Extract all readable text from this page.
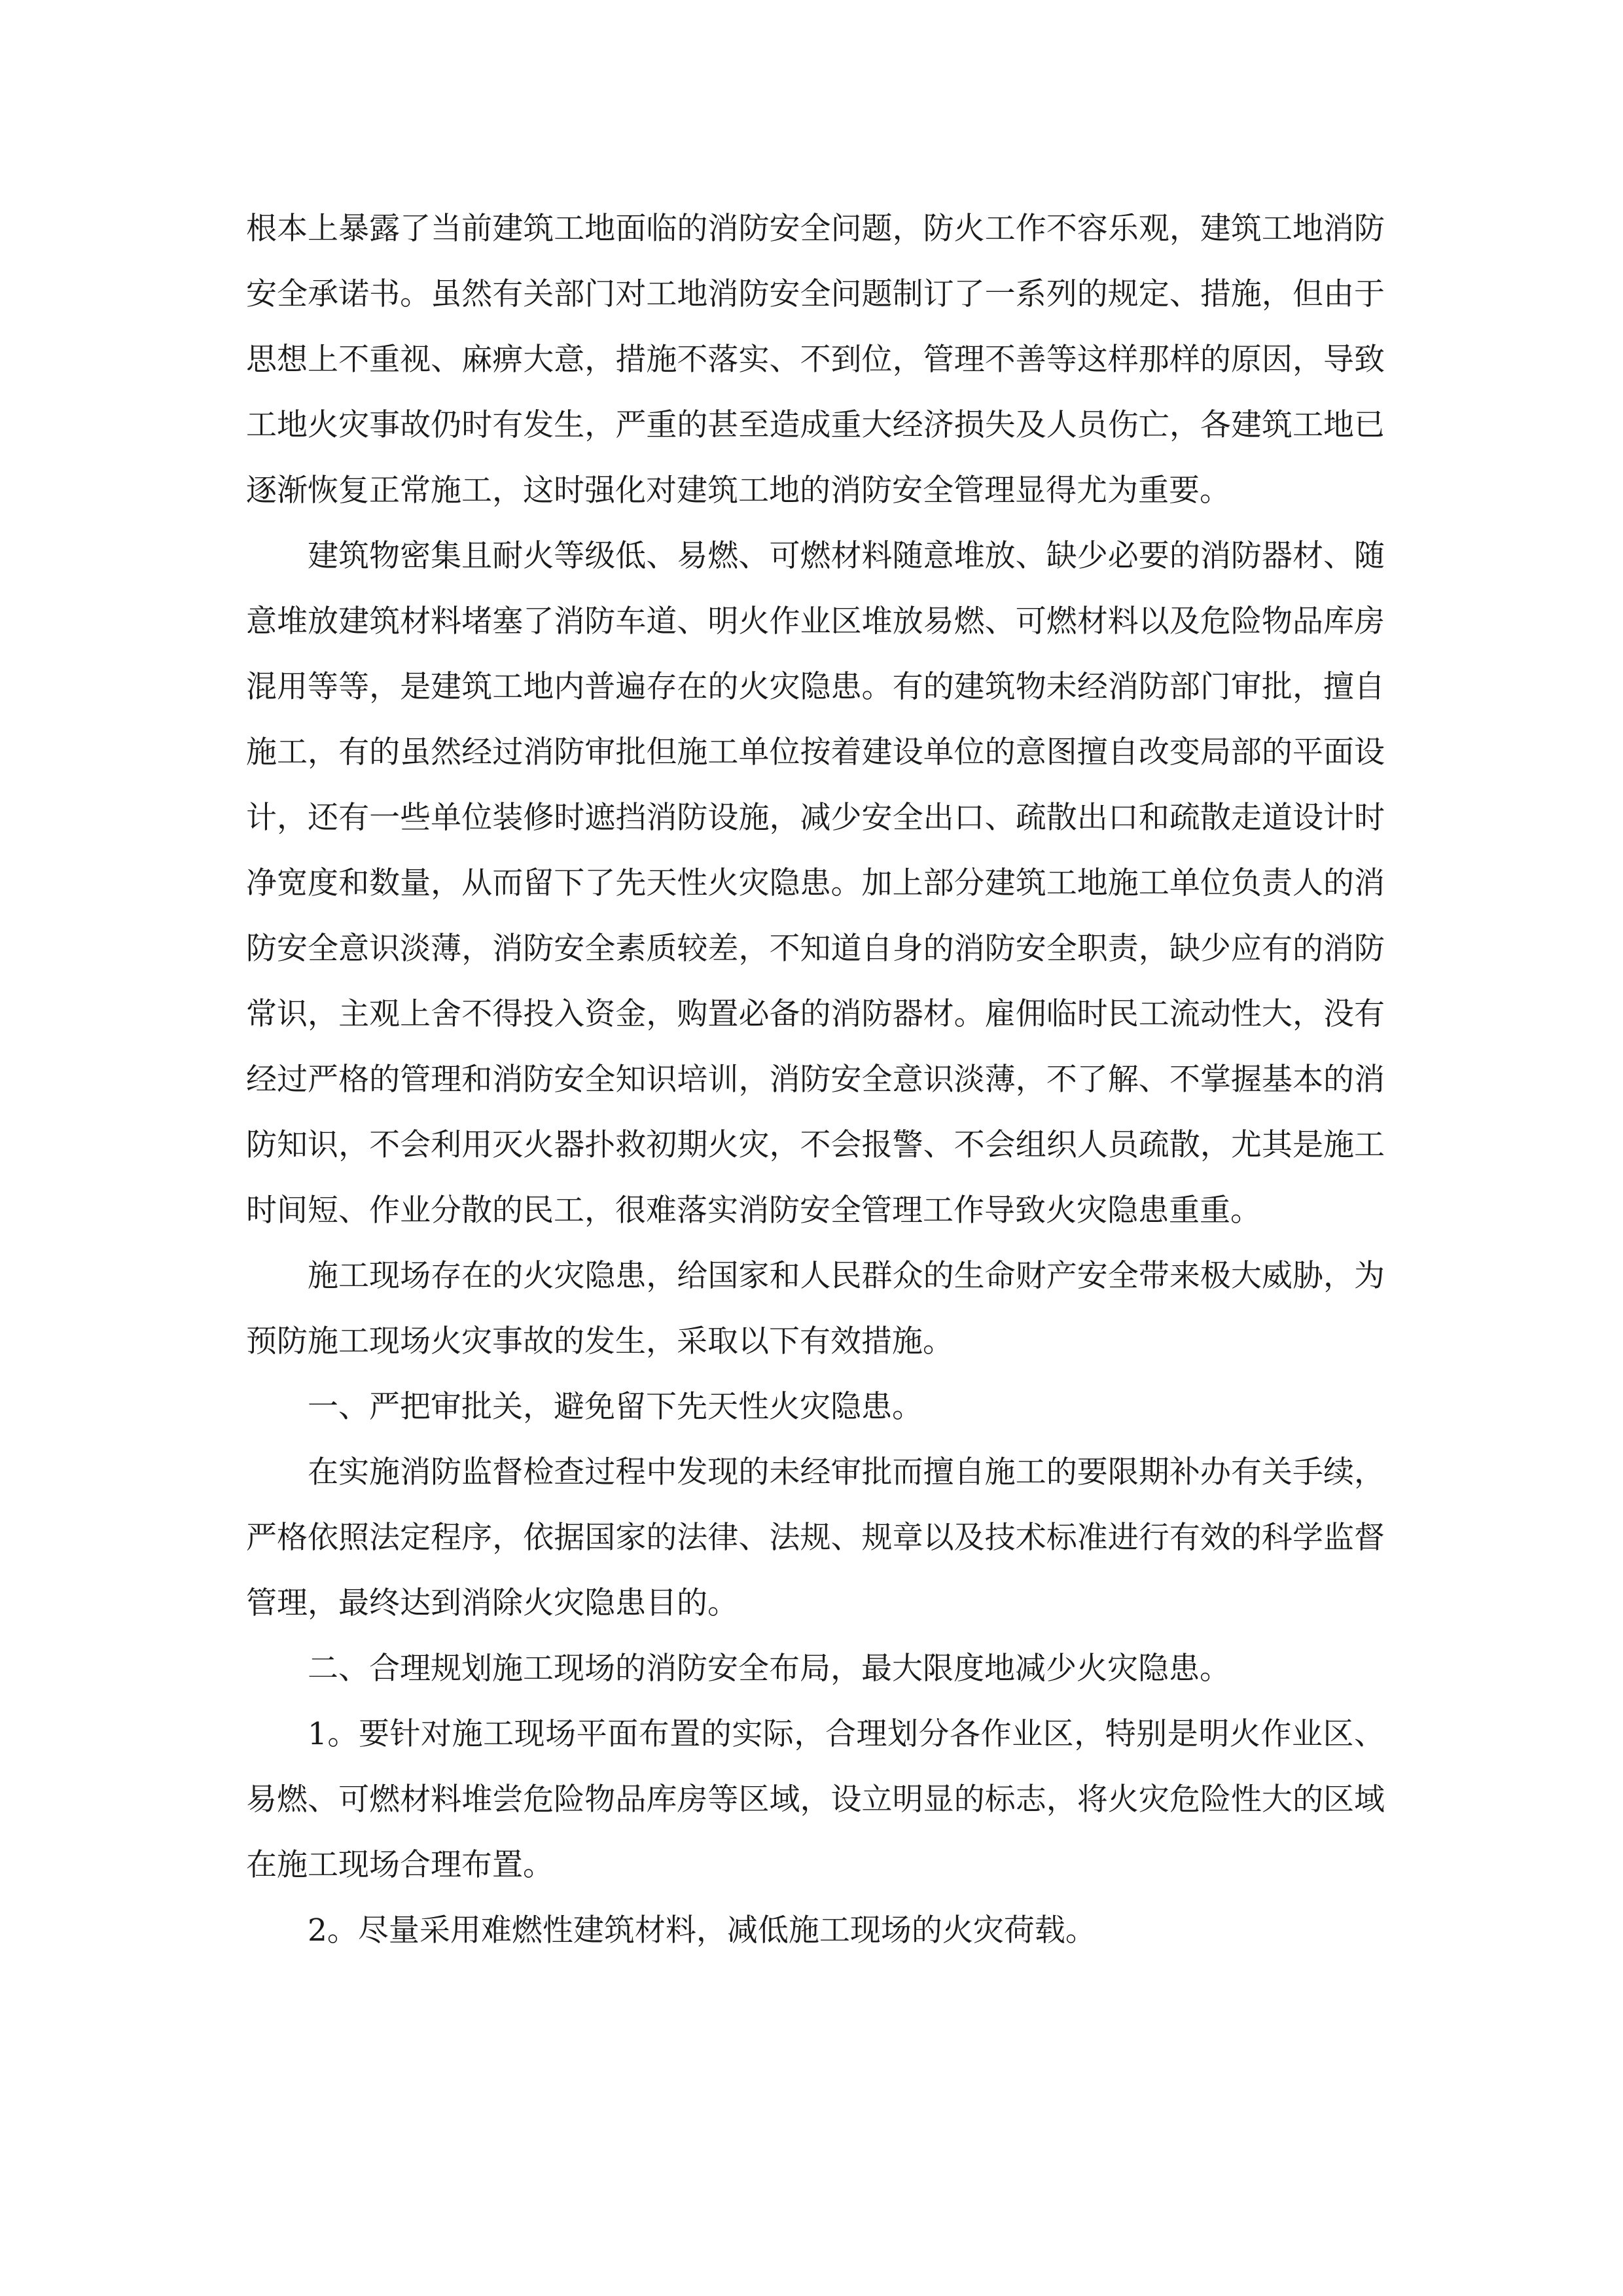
根本上暴露了当前建筑工地面临的消防安全问题，防火工作不容乐观，建筑工地消防安全承诺书。虽然有关部门对工地消防安全问题制订了一系列的规定、措施，但由于思想上不重视、麻痹大意，措施不落实、不到位，管理不善等这样那样的原因，导致工地火灾事故仍时有发生，严重的甚至造成重大经济损失及人员伤亡，各建筑工地已逐渐恢复正常施工，这时强化对建筑工地的消防安全管理显得尤为重要。

建筑物密集且耐火等级低、易燃、可燃材料随意堆放、缺少必要的消防器材、随意堆放建筑材料堵塞了消防车道、明火作业区堆放易燃、可燃材料以及危险物品库房混用等等，是建筑工地内普遍存在的火灾隐患。有的建筑物未经消防部门审批，擅自施工，有的虽然经过消防审批但施工单位按着建设单位的意图擅自改变局部的平面设计，还有一些单位装修时遮挡消防设施，减少安全出口、疏散出口和疏散走道设计时净宽度和数量，从而留下了先天性火灾隐患。加上部分建筑工地施工单位负责人的消防安全意识淡薄，消防安全素质较差，不知道自身的消防安全职责，缺少应有的消防常识，主观上舍不得投入资金，购置必备的消防器材。雇佣临时民工流动性大，没有经过严格的管理和消防安全知识培训，消防安全意识淡薄，不了解、不掌握基本的消防知识，不会利用灭火器扑救初期火灾，不会报警、不会组织人员疏散，尤其是施工时间短、作业分散的民工，很难落实消防安全管理工作导致火灾隐患重重。

施工现场存在的火灾隐患，给国家和人民群众的生命财产安全带来极大威胁，为预防施工现场火灾事故的发生，采取以下有效措施。

一、严把审批关，避免留下先天性火灾隐患。

在实施消防监督检查过程中发现的未经审批而擅自施工的要限期补办有关手续，严格依照法定程序，依据国家的法律、法规、规章以及技术标准进行有效的科学监督管理，最终达到消除火灾隐患目的。

二、合理规划施工现场的消防安全布局，最大限度地减少火灾隐患。

1。要针对施工现场平面布置的实际，合理划分各作业区，特别是明火作业区、易燃、可燃材料堆尝危险物品库房等区域，设立明显的标志，将火灾危险性大的区域在施工现场合理布置。

2。尽量采用难燃性建筑材料，减低施工现场的火灾荷载。
